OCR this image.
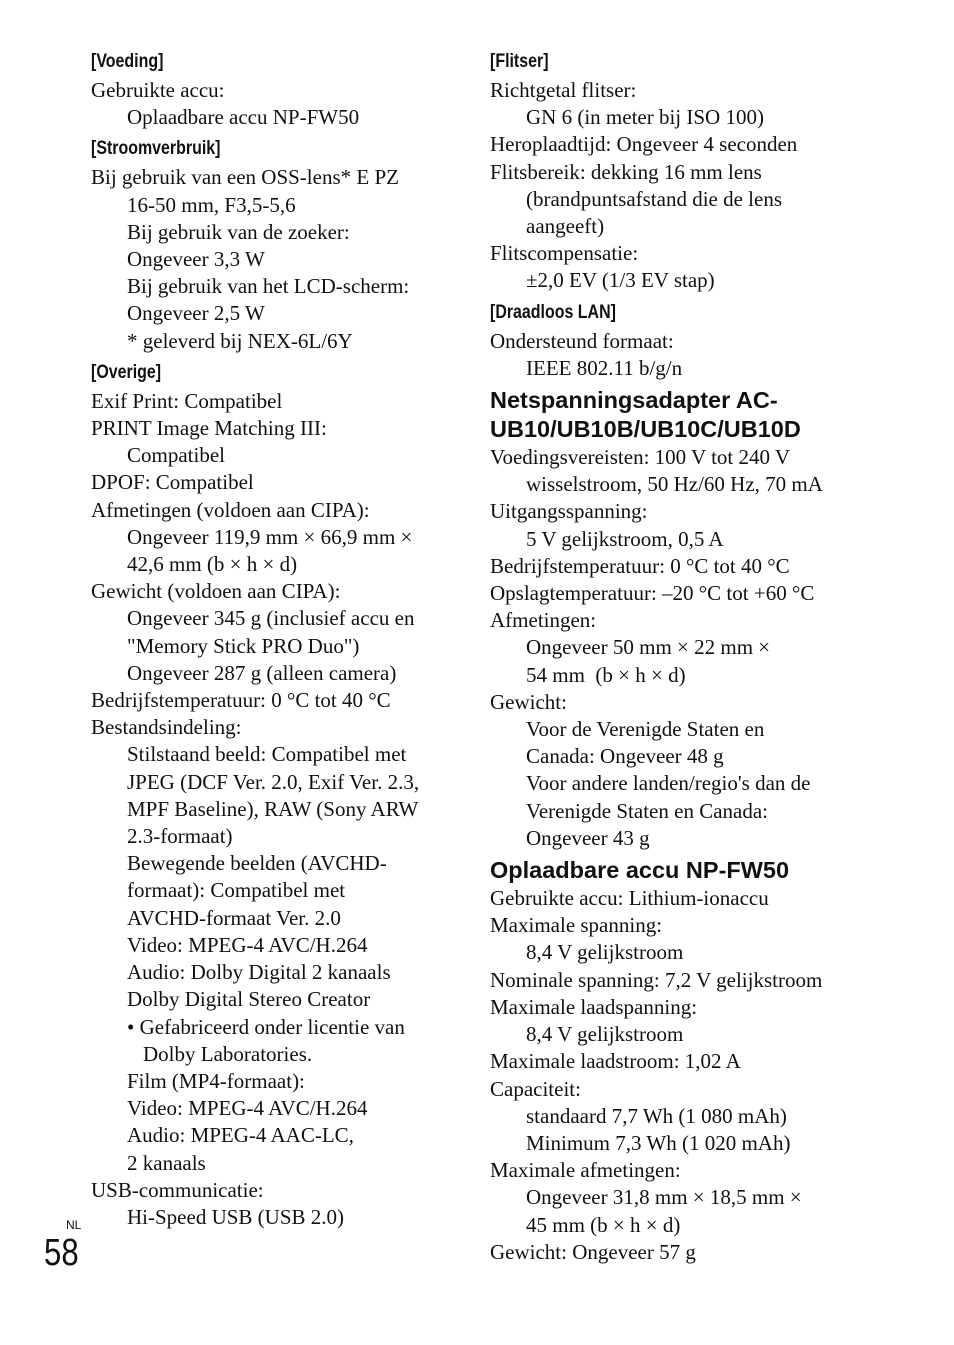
[Voeding]

Gebruikte accu:

Oplaadbare accu NP-FW50

[Stroomverbruik]

Bij gebruik van een OSS-lens* E PZ

16-50 mm, F3,5-5,6

Bij gebruik van de zoeker:

Ongeveer 3,3 W

Bij gebruik van het LCD-scherm:

Ongeveer 2,5 W

* geleverd bij NEX-6L/6Y

[Overige]

Exif Print: Compatibel

PRINT Image Matching III:

Compatibel

DPOF: Compatibel

Afmetingen (voldoen aan CIPA):

Ongeveer 119,9 mm × 66,9 mm ×

42,6 mm (b × h × d)

Gewicht (voldoen aan CIPA):

Ongeveer 345 g (inclusief accu en

"Memory Stick PRO Duo")

Ongeveer 287 g (alleen camera)

Bedrijfstemperatuur: 0 °C tot 40 °C

Bestandsindeling:

Stilstaand beeld: Compatibel met

JPEG (DCF Ver. 2.0, Exif Ver. 2.3,

MPF Baseline), RAW (Sony ARW

2.3-formaat)

Bewegende beelden (AVCHD-

formaat): Compatibel met

AVCHD-formaat Ver. 2.0

Video: MPEG-4 AVC/H.264

Audio: Dolby Digital 2 kanaals

Dolby Digital Stereo Creator

• Gefabriceerd onder licentie van

Dolby Laboratories.

Film (MP4-formaat):

Video: MPEG-4 AVC/H.264

Audio: MPEG-4 AAC-LC,

2 kanaals

USB-communicatie:

Hi-Speed USB (USB 2.0)

[Flitser]

Richtgetal flitser:

GN 6 (in meter bij ISO 100)

Heroplaadtijd: Ongeveer 4 seconden

Flitsbereik: dekking 16 mm lens

(brandpuntsafstand die de lens

aangeeft)

Flitscompensatie:

±2,0 EV (1/3 EV stap)

[Draadloos LAN]

Ondersteund formaat:

IEEE 802.11 b/g/n

Netspanningsadapter AC-
UB10/UB10B/UB10C/UB10D

Voedingsvereisten: 100 V tot 240 V

wisselstroom, 50 Hz/60 Hz, 70 mA

Uitgangsspanning:

5 V gelijkstroom, 0,5 A

Bedrijfstemperatuur: 0 °C tot 40 °C

Opslagtemperatuur: –20 °C tot +60 °C

Afmetingen:

Ongeveer 50 mm × 22 mm ×

54 mm  (b × h × d)

Gewicht:

Voor de Verenigde Staten en

Canada: Ongeveer 48 g

Voor andere landen/regio's dan de

Verenigde Staten en Canada:

Ongeveer 43 g

Oplaadbare accu NP-FW50

Gebruikte accu: Lithium-ionaccu

Maximale spanning:

8,4 V gelijkstroom

Nominale spanning: 7,2 V gelijkstroom

Maximale laadspanning:

8,4 V gelijkstroom

Maximale laadstroom: 1,02 A

Capaciteit:

standaard 7,7 Wh (1 080 mAh)

Minimum 7,3 Wh (1 020 mAh)

Maximale afmetingen:

Ongeveer 31,8 mm × 18,5 mm ×

45 mm (b × h × d)

Gewicht: Ongeveer 57 g

NL
58
